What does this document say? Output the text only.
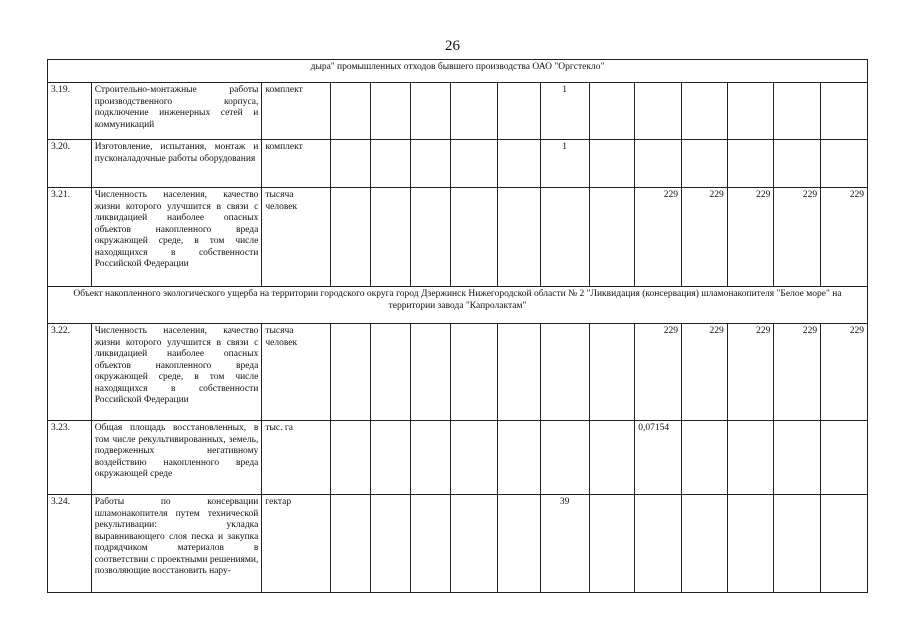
26
дыра" промышленных отходов бывшего производства ОАО "Оргстекло"														
3.19.	Строительно-монтажные работы производственного корпуса, подключение инженерных сетей и коммуникаций	комплект						1						
3.20.	Изготовление, испытания, монтаж и пусконаладочные работы оборудования	комплект						1						
3.21.	Численность населения, качество жизни которого улучшится в связи с ликвидацией наиболее опасных объектов накопленного вреда окружающей среде, в том числе находящихся в собственности Российской Федерации	тысяча человек								229	229	229	229	229
Объект накопленного экологического ущерба на территории городского округа город Дзержинск Нижегородской области № 2 "Ликвидация (консервация) шламонакопителя "Белое море" на территории завода "Капролактам"														
3.22.	Численность населения, качество жизни которого улучшится в связи с ликвидацией наиболее опасных объектов накопленного вреда окружающей среде, в том числе находящихся в собственности Российской Федерации	тысяча человек								229	229	229	229	229
3.23.	Общая площадь восстановленных, в том числе рекультивированных, земель, подверженных негативному воздействию накопленного вреда окружающей среде	тыс. га								0,07154				
3.24.	Работы по консервации шламонакопителя путем технической рекультивации: укладка выравнивающего слоя песка и закупка подрядчиком материалов в соответствии с проектными решениями, позволяющие восстановить нару-	гектар						39						
